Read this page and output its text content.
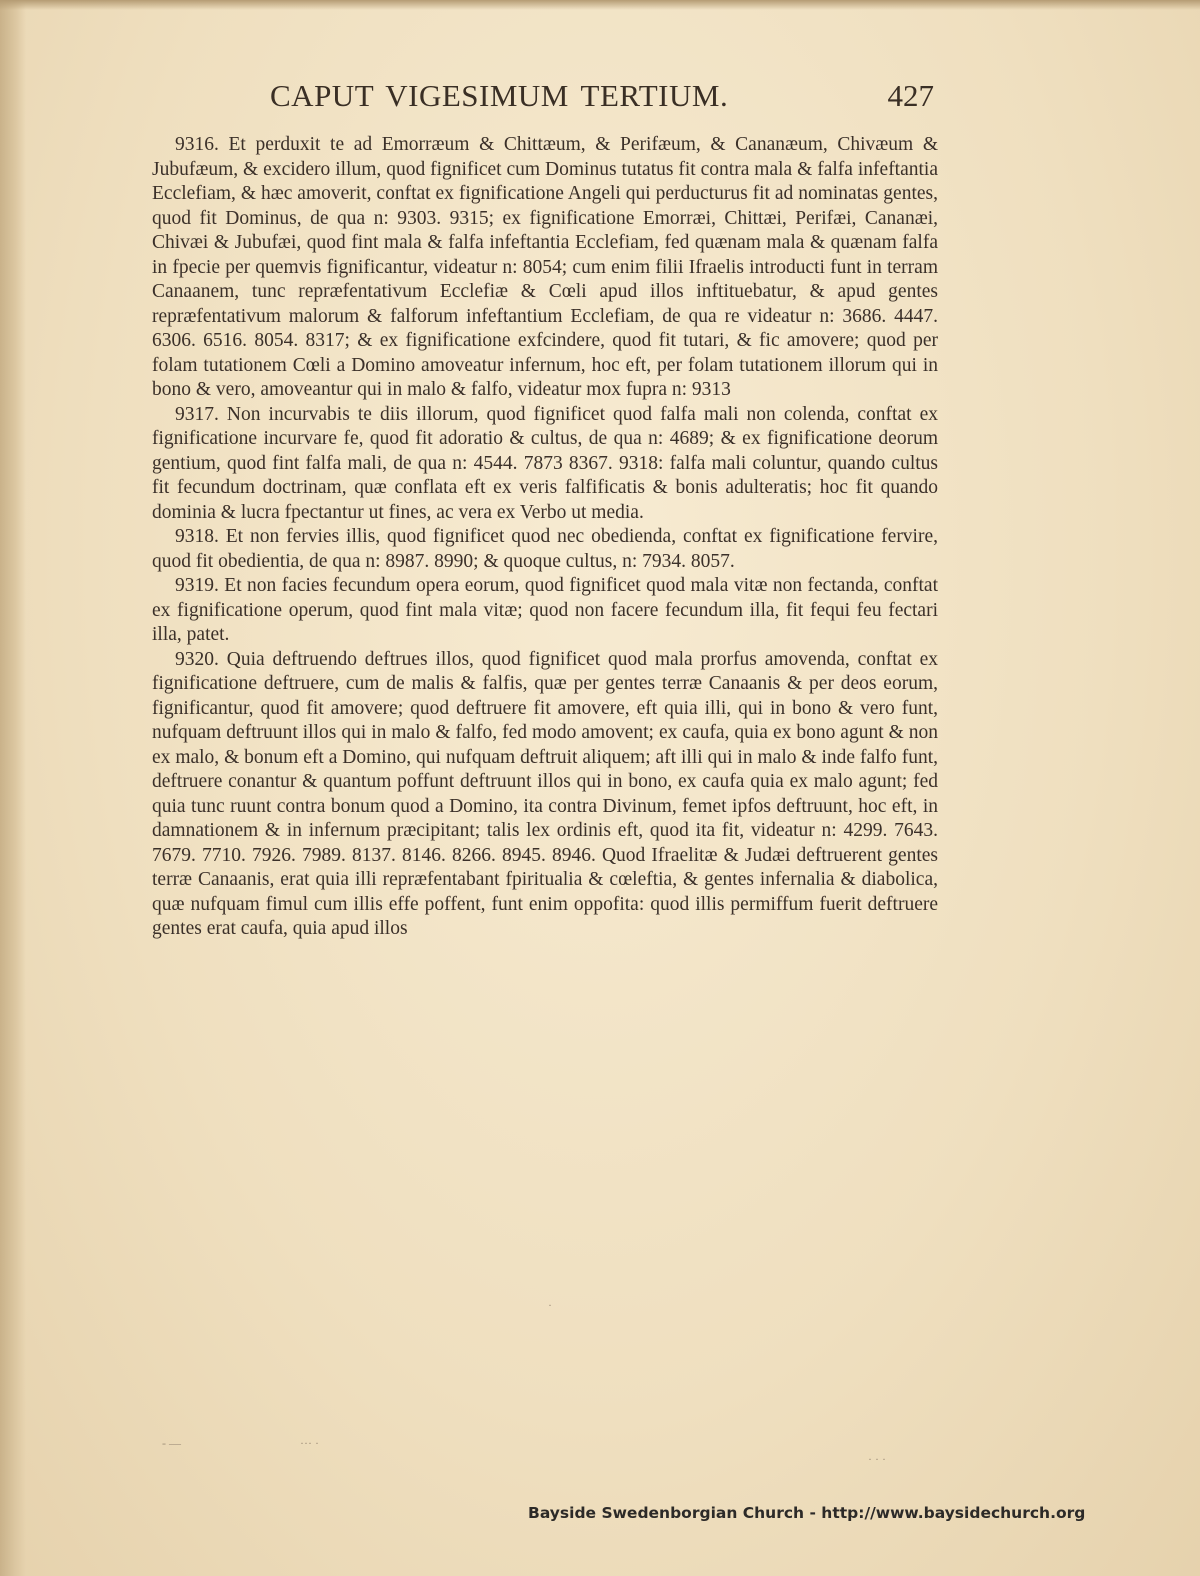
CAPUT VIGESIMUM TERTIUM.	427

9316. Et perduxit te ad Emorræum & Chittæum, & Perifæum, & Cananæum, Chivæum & Jubufæum, & excidero illum, quod fignificet cum Dominus tutatus fit contra mala & falfa infeftantia Ecclefiam, & hæc amoverit, conftat ex fignificatione Angeli qui perducturus fit ad nominatas gentes, quod fit Dominus, de qua n: 9303. 9315; ex fignificatione Emorræi, Chittæi, Perifæi, Cananæi, Chivæi & Jubufæi, quod fint mala & falfa infeftantia Ecclefiam, fed quænam mala & quænam falfa in fpecie per quemvis fignificantur, videatur n: 8054; cum enim filii Ifraelis introducti funt in terram Canaanem, tunc repræfentativum Ecclefiæ & Cœli apud illos inftituebatur, & apud gentes repræfentativum malorum & falforum infeftantium Ecclefiam, de qua re videatur n: 3686. 4447. 6306. 6516. 8054. 8317; & ex fignificatione exfcindere, quod fit tutari, & fic amovere; quod per folam tutationem Cœli a Domino amoveatur infernum, hoc eft, per folam tutationem illorum qui in bono & vero, amoveantur qui in malo & falfo, videatur mox fupra n: 9313

9317. Non incurvabis te diis illorum, quod fignificet quod falfa mali non colenda, conftat ex fignificatione incurvare fe, quod fit adoratio & cultus, de qua n: 4689; & ex fignificatione deorum gentium, quod fint falfa mali, de qua n: 4544. 7873 8367. 9318: falfa mali coluntur, quando cultus fit fecundum doctrinam, quæ conflata eft ex veris falfificatis & bonis adulteratis; hoc fit quando dominia & lucra fpectantur ut fines, ac vera ex Verbo ut media.

9318. Et non fervies illis, quod fignificet quod nec obedienda, conftat ex fignificatione fervire, quod fit obedientia, de qua n: 8987. 8990; & quoque cultus, n: 7934. 8057.

9319. Et non facies fecundum opera eorum, quod fignificet quod mala vitæ non fectanda, conftat ex fignificatione operum, quod fint mala vitæ; quod non facere fecundum illa, fit fequi feu fectari illa, patet.

9320. Quia deftruendo deftrues illos, quod fignificet quod mala prorfus amovenda, conftat ex fignificatione deftruere, cum de malis & falfis, quæ per gentes terræ Canaanis & per deos eorum, fignificantur, quod fit amovere; quod deftruere fit amovere, eft quia illi, qui in bono & vero funt, nufquam deftruunt illos qui in malo & falfo, fed modo amovent; ex caufa, quia ex bono agunt & non ex malo, & bonum eft a Domino, qui nufquam deftruit aliquem; aft illi qui in malo & inde falfo funt, deftruere conantur & quantum poffunt deftruunt illos qui in bono, ex caufa quia ex malo agunt; fed quia tunc ruunt contra bonum quod a Domino, ita contra Divinum, femet ipfos deftruunt, hoc eft, in damnationem & in infernum præcipitant; talis lex ordinis eft, quod ita fit, videatur n: 4299. 7643. 7679. 7710. 7926. 7989. 8137. 8146. 8266. 8945. 8946. Quod Ifraelitæ & Judæi deftruerent gentes terræ Canaanis, erat quia illi repræfentabant fpiritualia & cœleftia, & gentes infernalia & diabolica, quæ nufquam fimul cum illis effe poffent, funt enim oppofita: quod illis permiffum fuerit deftruere gentes erat caufa, quia apud illos

·
- ―	··· ·
· · ·
Bayside Swedenborgian Church - http://www.baysidechurch.org
